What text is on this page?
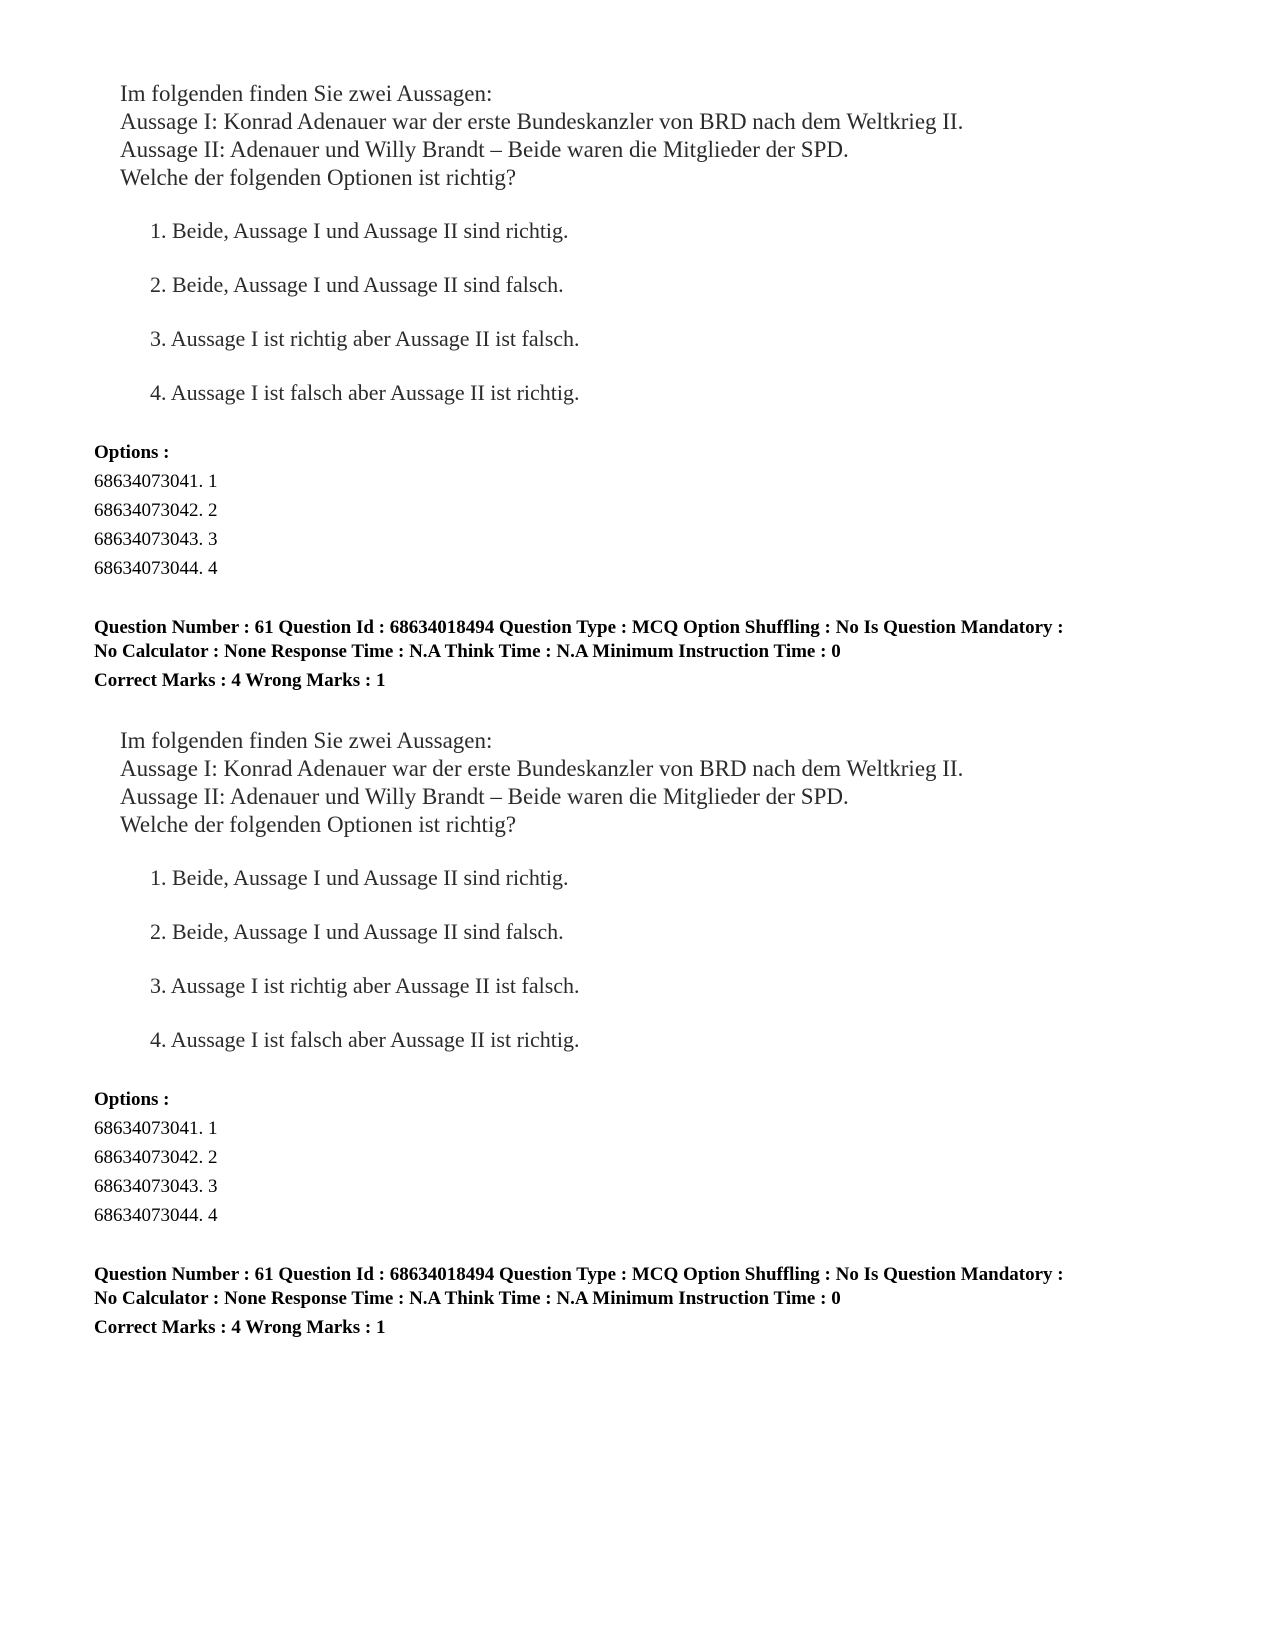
Im folgenden finden Sie zwei Aussagen:
Aussage I: Konrad Adenauer war der erste Bundeskanzler von BRD nach dem Weltkrieg II.
Aussage II: Adenauer und Willy Brandt – Beide waren die Mitglieder der SPD.
Welche der folgenden Optionen ist richtig?
1. Beide, Aussage I und Aussage II sind richtig.
2. Beide, Aussage I und Aussage II sind falsch.
3. Aussage I ist richtig aber Aussage II ist falsch.
4. Aussage I ist falsch aber Aussage II ist richtig.
Options :
68634073041. 1
68634073042. 2
68634073043. 3
68634073044. 4
Question Number : 61 Question Id : 68634018494 Question Type : MCQ Option Shuffling : No Is Question Mandatory :
No Calculator : None Response Time : N.A Think Time : N.A Minimum Instruction Time : 0
Correct Marks : 4 Wrong Marks : 1
Im folgenden finden Sie zwei Aussagen:
Aussage I: Konrad Adenauer war der erste Bundeskanzler von BRD nach dem Weltkrieg II.
Aussage II: Adenauer und Willy Brandt – Beide waren die Mitglieder der SPD.
Welche der folgenden Optionen ist richtig?
1. Beide, Aussage I und Aussage II sind richtig.
2. Beide, Aussage I und Aussage II sind falsch.
3. Aussage I ist richtig aber Aussage II ist falsch.
4. Aussage I ist falsch aber Aussage II ist richtig.
Options :
68634073041. 1
68634073042. 2
68634073043. 3
68634073044. 4
Question Number : 61 Question Id : 68634018494 Question Type : MCQ Option Shuffling : No Is Question Mandatory :
No Calculator : None Response Time : N.A Think Time : N.A Minimum Instruction Time : 0
Correct Marks : 4 Wrong Marks : 1
